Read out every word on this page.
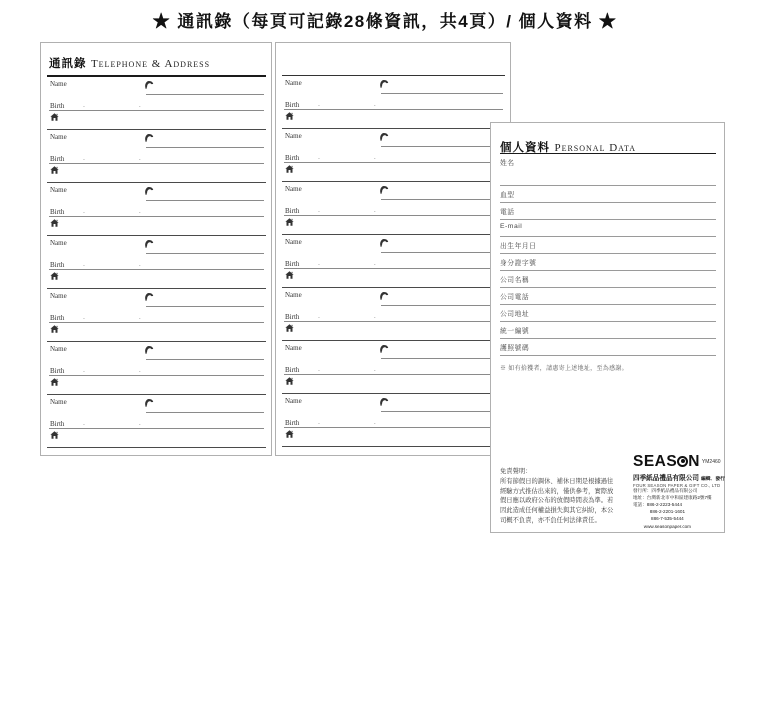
★ 通訊錄（每頁可記錄28條資訊，共4頁）/ 個人資料 ★
通訊錄 Telephone & Address
Name
Birth	. .
Name
Birth	. .
Name
Birth	. .
Name
Birth	. .
Name
Birth	. .
Name
Birth	. .
Name
Birth	. .
Name
Birth	. .
Name
Birth	. .
Name
Birth	. .
Name
Birth	. .
Name
Birth	. .
Name
Birth	. .
Name
Birth	. .
個人資料 Personal Data
姓名
血型
電話
E-mail
出生年月日
身分證字號
公司名稱
公司電話
公司地址
統一編號
護照號碼
※ 如有拾獲者，請惠寄上述地址，至為感謝。
免責聲明：
所有節假日的調休、補休日期是根據過往
經驗方式推估出來的，僅供參考，實際放
假日應以政府公布的放假時間表為準。若
因此造成任何權益損失與其它糾紛，本公
司概不負責，亦不負任何法律責任。
SEAS N YM2460
四季紙品禮品有限公司 編輯．發行
FOUR SEASON PAPER & GIFT CO., LTD
發行所：四季紙品禮品有限公司
地址：台灣新北市中和區建康路2號7樓
電話：886-2-2223-5444
886-2-2201-1601
886-7-535-5444
www.seasonpaper.com
